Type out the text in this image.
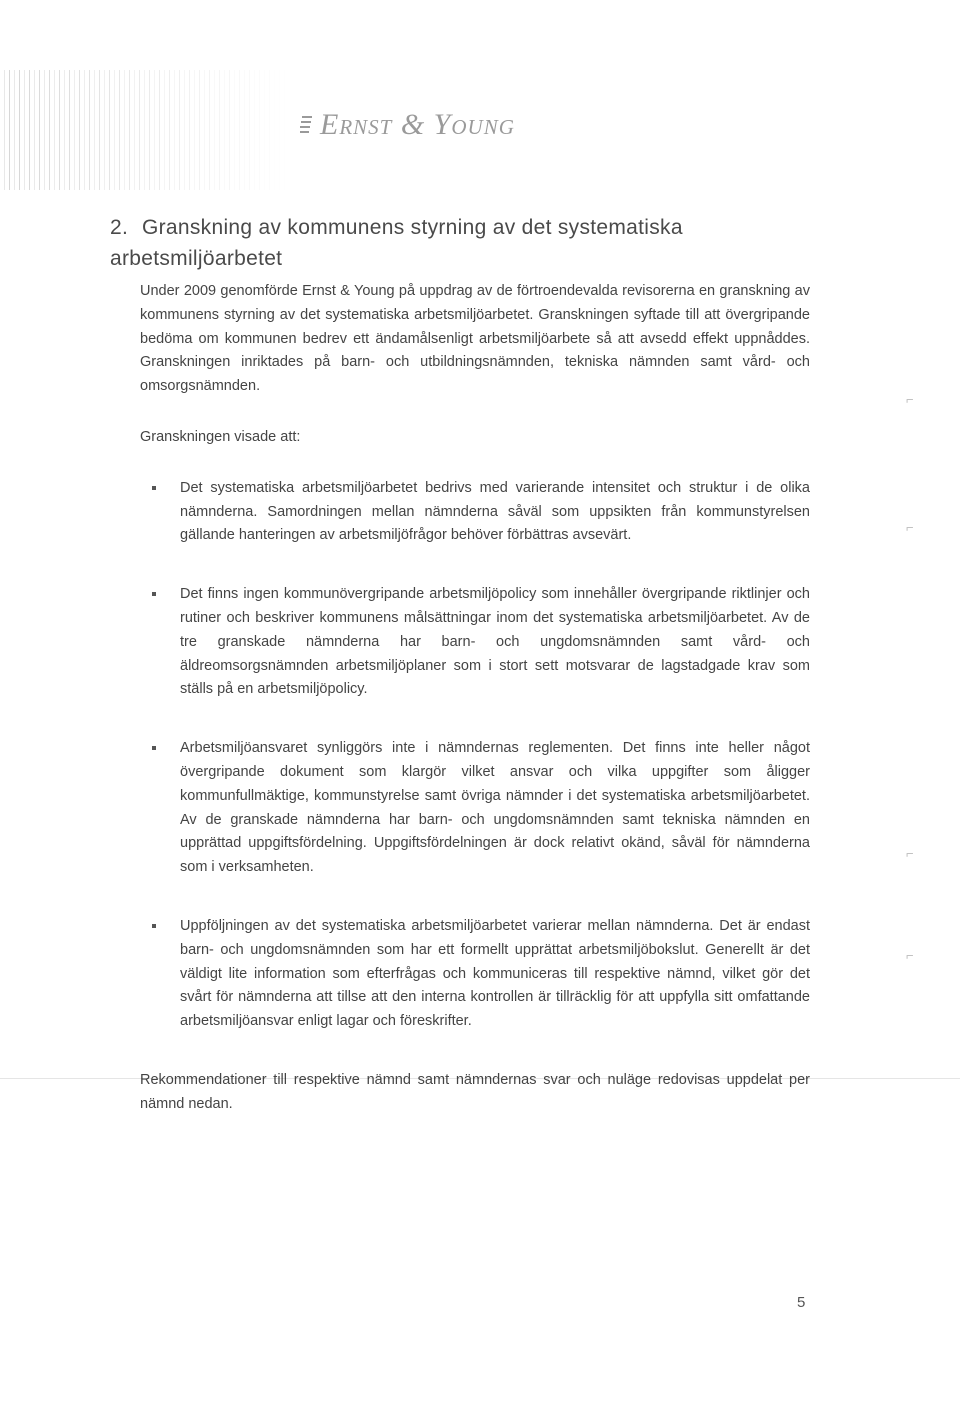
Ernst & Young
2. Granskning av kommunens styrning av det systematiska arbetsmiljöarbetet

Under 2009 genomförde Ernst & Young på uppdrag av de förtroendevalda revisorerna en granskning av kommunens styrning av det systematiska arbetsmiljöarbetet. Granskningen syftade till att övergripande bedöma om kommunen bedrev ett ändamålsenligt arbetsmiljöarbete så att avsedd effekt uppnåddes. Granskningen inriktades på barn- och utbildningsnämnden, tekniska nämnden samt vård- och omsorgsnämnden.

Granskningen visade att:

Det systematiska arbetsmiljöarbetet bedrivs med varierande intensitet och struktur i de olika nämnderna. Samordningen mellan nämnderna såväl som uppsikten från kommunstyrelsen gällande hanteringen av arbetsmiljöfrågor behöver förbättras avsevärt.
Det finns ingen kommunövergripande arbetsmiljöpolicy som innehåller övergripande riktlinjer och rutiner och beskriver kommunens målsättningar inom det systematiska arbetsmiljöarbetet. Av de tre granskade nämnderna har barn- och ungdomsnämnden samt vård- och äldreomsorgsnämnden arbetsmiljöplaner som i stort sett motsvarar de lagstadgade krav som ställs på en arbetsmiljöpolicy.
Arbetsmiljöansvaret synliggörs inte i nämndernas reglementen. Det finns inte heller något övergripande dokument som klargör vilket ansvar och vilka uppgifter som åligger kommunfullmäktige, kommunstyrelse samt övriga nämnder i det systematiska arbetsmiljöarbetet. Av de granskade nämnderna har barn- och ungdomsnämnden samt tekniska nämnden en upprättad uppgiftsfördelning. Uppgiftsfördelningen är dock relativt okänd, såväl för nämnderna som i verksamheten.
Uppföljningen av det systematiska arbetsmiljöarbetet varierar mellan nämnderna. Det är endast barn- och ungdomsnämnden som har ett formellt upprättat arbetsmiljöbokslut. Generellt är det väldigt lite information som efterfrågas och kommuniceras till respektive nämnd, vilket gör det svårt för nämnderna att tillse att den interna kontrollen är tillräcklig för att uppfylla sitt omfattande arbetsmiljöansvar enligt lagar och föreskrifter.

Rekommendationer till respektive nämnd samt nämndernas svar och nuläge redovisas uppdelat per nämnd nedan.

⌐
⌐
⌐
⌐
5
